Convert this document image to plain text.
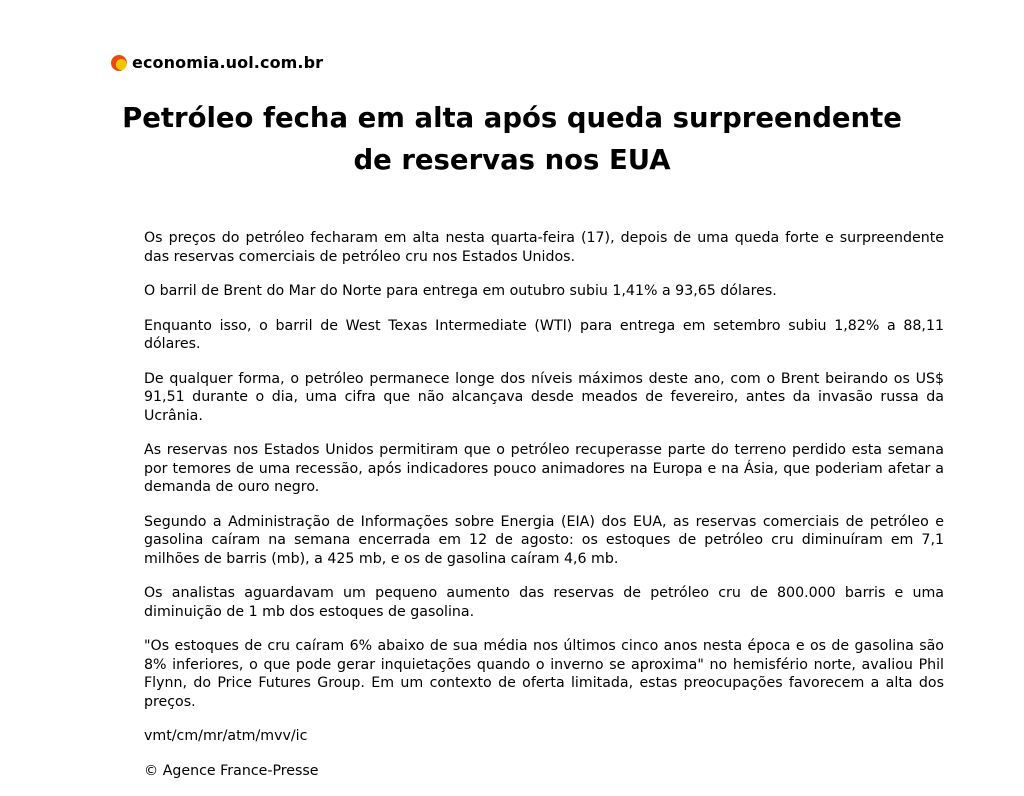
economia.uol.com.br
Petróleo fecha em alta após queda surpreendente de reservas nos EUA

Os preços do petróleo fecharam em alta nesta quarta-feira (17), depois de uma queda forte e surpreendente das reservas comerciais de petróleo cru nos Estados Unidos.

O barril de Brent do Mar do Norte para entrega em outubro subiu 1,41% a 93,65 dólares.

Enquanto isso, o barril de West Texas Intermediate (WTI) para entrega em setembro subiu 1,82% a 88,11 dólares.

De qualquer forma, o petróleo permanece longe dos níveis máximos deste ano, com o Brent beirando os US$ 91,51 durante o dia, uma cifra que não alcançava desde meados de fevereiro, antes da invasão russa da Ucrânia.

As reservas nos Estados Unidos permitiram que o petróleo recuperasse parte do terreno perdido esta semana por temores de uma recessão, após indicadores pouco animadores na Europa e na Ásia, que poderiam afetar a demanda de ouro negro.

Segundo a Administração de Informações sobre Energia (EIA) dos EUA, as reservas comerciais de petróleo e gasolina caíram na semana encerrada em 12 de agosto: os estoques de petróleo cru diminuíram em 7,1 milhões de barris (mb), a 425 mb, e os de gasolina caíram 4,6 mb.

Os analistas aguardavam um pequeno aumento das reservas de petróleo cru de 800.000 barris e uma diminuição de 1 mb dos estoques de gasolina.

"Os estoques de cru caíram 6% abaixo de sua média nos últimos cinco anos nesta época e os de gasolina são 8% inferiores, o que pode gerar inquietações quando o inverno se aproxima" no hemisfério norte, avaliou Phil Flynn, do Price Futures Group. Em um contexto de oferta limitada, estas preocupações favorecem a alta dos preços.

vmt/cm/mr/atm/mvv/ic

© Agence France-Presse
